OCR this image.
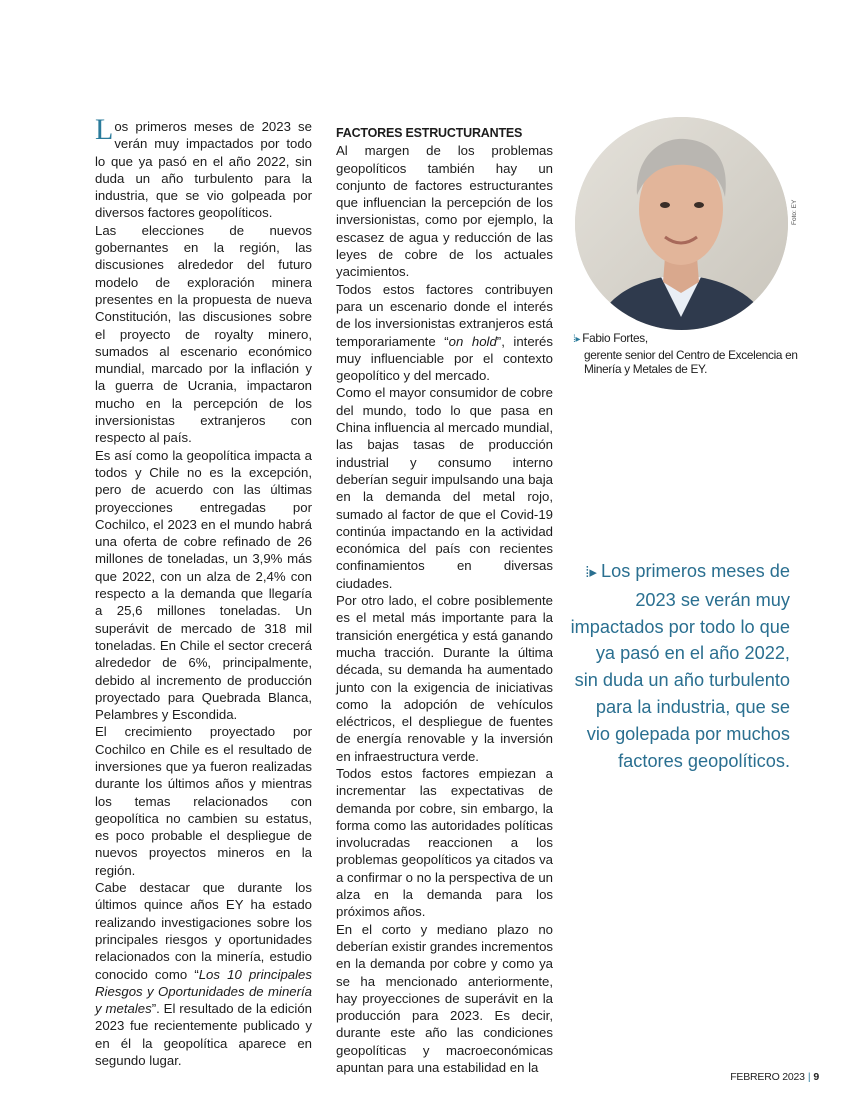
Los primeros meses de 2023 se verán muy impactados por todo lo que ya pasó en el año 2022, sin duda un año turbulento para la industria, que se vio golpeada por diversos factores geopolíticos.

Las elecciones de nuevos gobernantes en la región, las discusiones alrededor del futuro modelo de exploración minera presentes en la propuesta de nueva Constitución, las discusiones sobre el proyecto de royalty minero, sumados al escenario económico mundial, marcado por la inflación y la guerra de Ucrania, impactaron mucho en la percepción de los inversionistas extranjeros con respecto al país.

Es así como la geopolítica impacta a todos y Chile no es la excepción, pero de acuerdo con las últimas proyecciones entregadas por Cochilco, el 2023 en el mundo habrá una oferta de cobre refinado de 26 millones de toneladas, un 3,9% más que 2022, con un alza de 2,4% con respecto a la demanda que llegaría a 25,6 millones toneladas. Un superávit de mercado de 318 mil toneladas. En Chile el sector crecerá alrededor de 6%, principalmente, debido al incremento de producción proyectado para Quebrada Blanca, Pelambres y Escondida.

El crecimiento proyectado por Cochilco en Chile es el resultado de inversiones que ya fueron realizadas durante los últimos años y mientras los temas relacionados con geopolítica no cambien su estatus, es poco probable el despliegue de nuevos proyectos mineros en la región.

Cabe destacar que durante los últimos quince años EY ha estado realizando investigaciones sobre los principales riesgos y oportunidades relacionados con la minería, estudio conocido como “Los 10 principales Riesgos y Oportunidades de minería y metales”. El resultado de la edición 2023 fue recientemente publicado y en él la geopolítica aparece en segundo lugar.

FACTORES ESTRUCTURANTES

Al margen de los problemas geopolíticos también hay un conjunto de factores estructurantes que influencian la percepción de los inversionistas, como por ejemplo, la escasez de agua y reducción de las leyes de cobre de los actuales yacimientos.

Todos estos factores contribuyen para un escenario donde el interés de los inversionistas extranjeros está temporariamente “on hold”, interés muy influenciable por el contexto geopolítico y del mercado.

Como el mayor consumidor de cobre del mundo, todo lo que pasa en China influencia al mercado mundial, las bajas tasas de producción industrial y consumo interno deberían seguir impulsando una baja en la demanda del metal rojo, sumado al factor de que el Covid-19 continúa impactando en la actividad económica del país con recientes confinamientos en diversas ciudades.

Por otro lado, el cobre posiblemente es el metal más importante para la transición energética y está ganando mucha tracción. Durante la última década, su demanda ha aumentado junto con la exigencia de iniciativas como la adopción de vehículos eléctricos, el despliegue de fuentes de energía renovable y la inversión en infraestructura verde.

Todos estos factores empiezan a incrementar las expectativas de demanda por cobre, sin embargo, la forma como las autoridades políticas involucradas reaccionen a los problemas geopolíticos ya citados va a confirmar o no la perspectiva de un alza en la demanda para los próximos años.

En el corto y mediano plazo no deberían existir grandes incrementos en la demanda por cobre y como ya se ha mencionado anteriormente, hay proyecciones de superávit en la producción para 2023. Es decir, durante este año las condiciones geopolíticas y macroeconómicas apuntan para una estabilidad en la

Foto: EY
⁞▸ Fabio Fortes,
gerente senior del Centro de Excelencia en Minería y Metales de EY.
⁞▸ Los primeros meses de 2023 se verán muy impactados por todo lo que ya pasó en el año 2022, sin duda un año turbulento para la industria, que se vio golepada por muchos factores geopolíticos.
FEBRERO 2023 | 9
